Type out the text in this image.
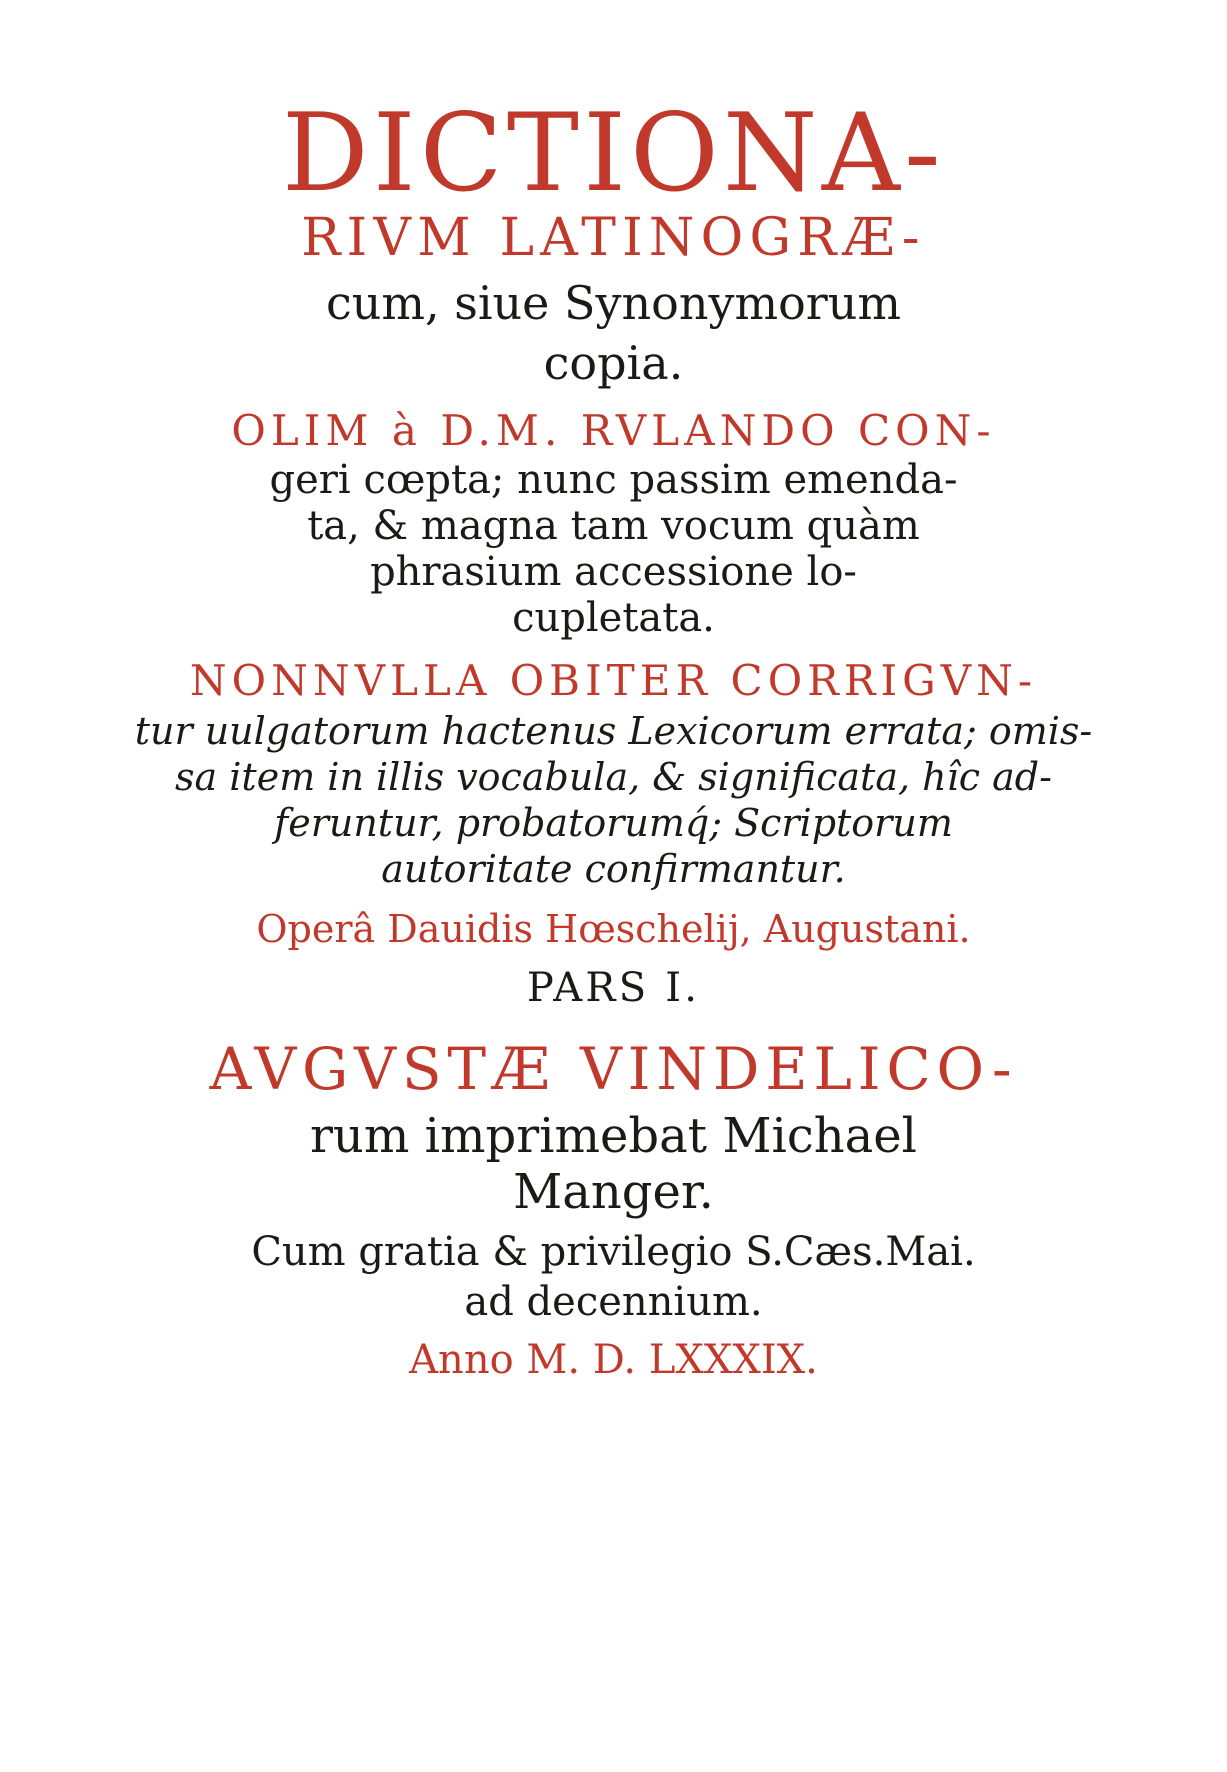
DICTIONA-
RIVM LATINOGRÆ-
cum, siue Synonymorum
copia.
OLIM à D.M. RVLANDO CON-
geri cœpta; nunc passim emenda-
ta, & magna tam vocum quàm
phrasium accessione lo-
cupletata.
NONNVLLA OBITER CORRIGVN-
tur uulgatorum hactenus Lexicorum errata; omis-
sa item in illis vocabula, & significata, hîc ad-
feruntur, probatorumq́; Scriptorum
autoritate confirmantur.
Operâ Dauidis Hœschelij, Augustani.
PARS I.
AVGVSTÆ VINDELICO-
rum imprimebat Michael
Manger.
Cum gratia & privilegio S.Cæs.Mai.
ad decennium.
Anno M. D. LXXXIX.
